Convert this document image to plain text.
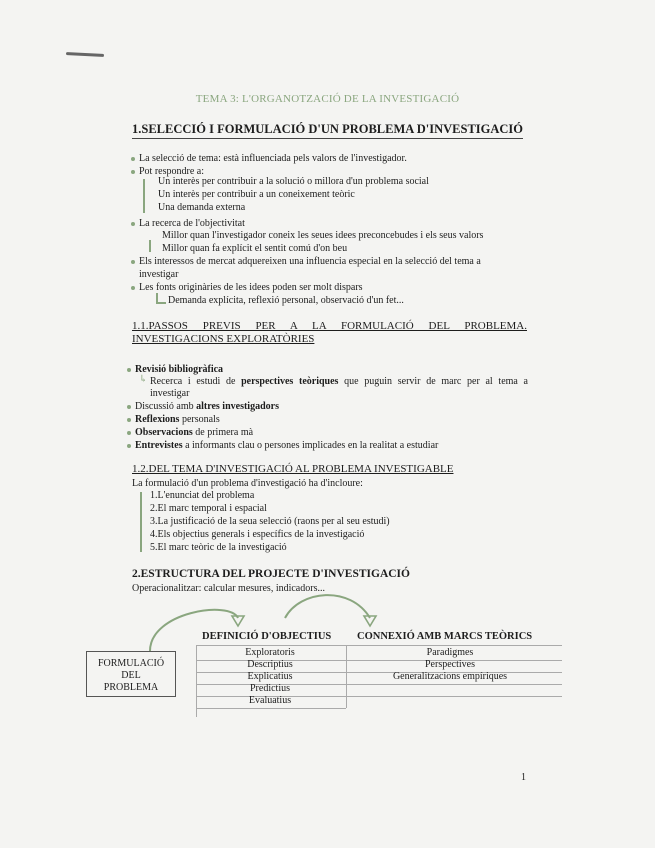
TEMA 3: L'ORGANOTZACIÓ DE LA INVESTIGACIÓ
1.SELECCIÓ I FORMULACIÓ D'UN PROBLEMA D'INVESTIGACIÓ
La selecció de tema: està influenciada pels valors de l'investigador.
Pot respondre a:
Un interès per contribuir a la solució o millora d'un problema social
Un interès per contribuir a un coneixement teòric
Una demanda externa
La recerca de l'objectivitat
Millor quan l'investigador coneix les seues idees preconcebudes i els seus valors
Millor quan fa explícit el sentit comú d'on beu
Els interessos de mercat adquereixen una influencia especial en la selecció del tema a
investigar
Les fonts originàries de les idees poden ser molt dispars
Demanda explícita, reflexió personal, observació d'un fet...
1.1.PASSOS PREVIS PER A LA FORMULACIÓ DEL PROBLEMA.
INVESTIGACIONS EXPLORATÒRIES
Revisió bibliogràfica
↳ Recerca i estudi de perspectives teòriques que puguin servir de marc per al tema a
investigar
Discussió amb altres investigadors
Reflexions personals
Observacions de primera mà
Entrevistes a informants clau o persones implicades en la realitat a estudiar
1.2.DEL TEMA D'INVESTIGACIÓ AL PROBLEMA INVESTIGABLE
La formulació d'un problema d'investigació ha d'incloure:
1.L'enunciat del problema
2.El marc temporal i espacial
3.La justificació de la seua selecció (raons per al seu estudi)
4.Els objectius generals i específics de la investigació
5.El marc teòric de la investigació
2.ESTRUCTURA DEL PROJECTE D'INVESTIGACIÓ
Operacionalitzar: calcular mesures, indicadors...
FORMULACIÓ
DEL
PROBLEMA
DEFINICIÓ D'OBJECTIUS CONNEXIÓ AMB MARCS TEÒRICS
Exploratoris
Descriptius
Explicatius
Predictius
Evaluatius
Paradigmes
Perspectives
Generalitzacions empíriques
1
